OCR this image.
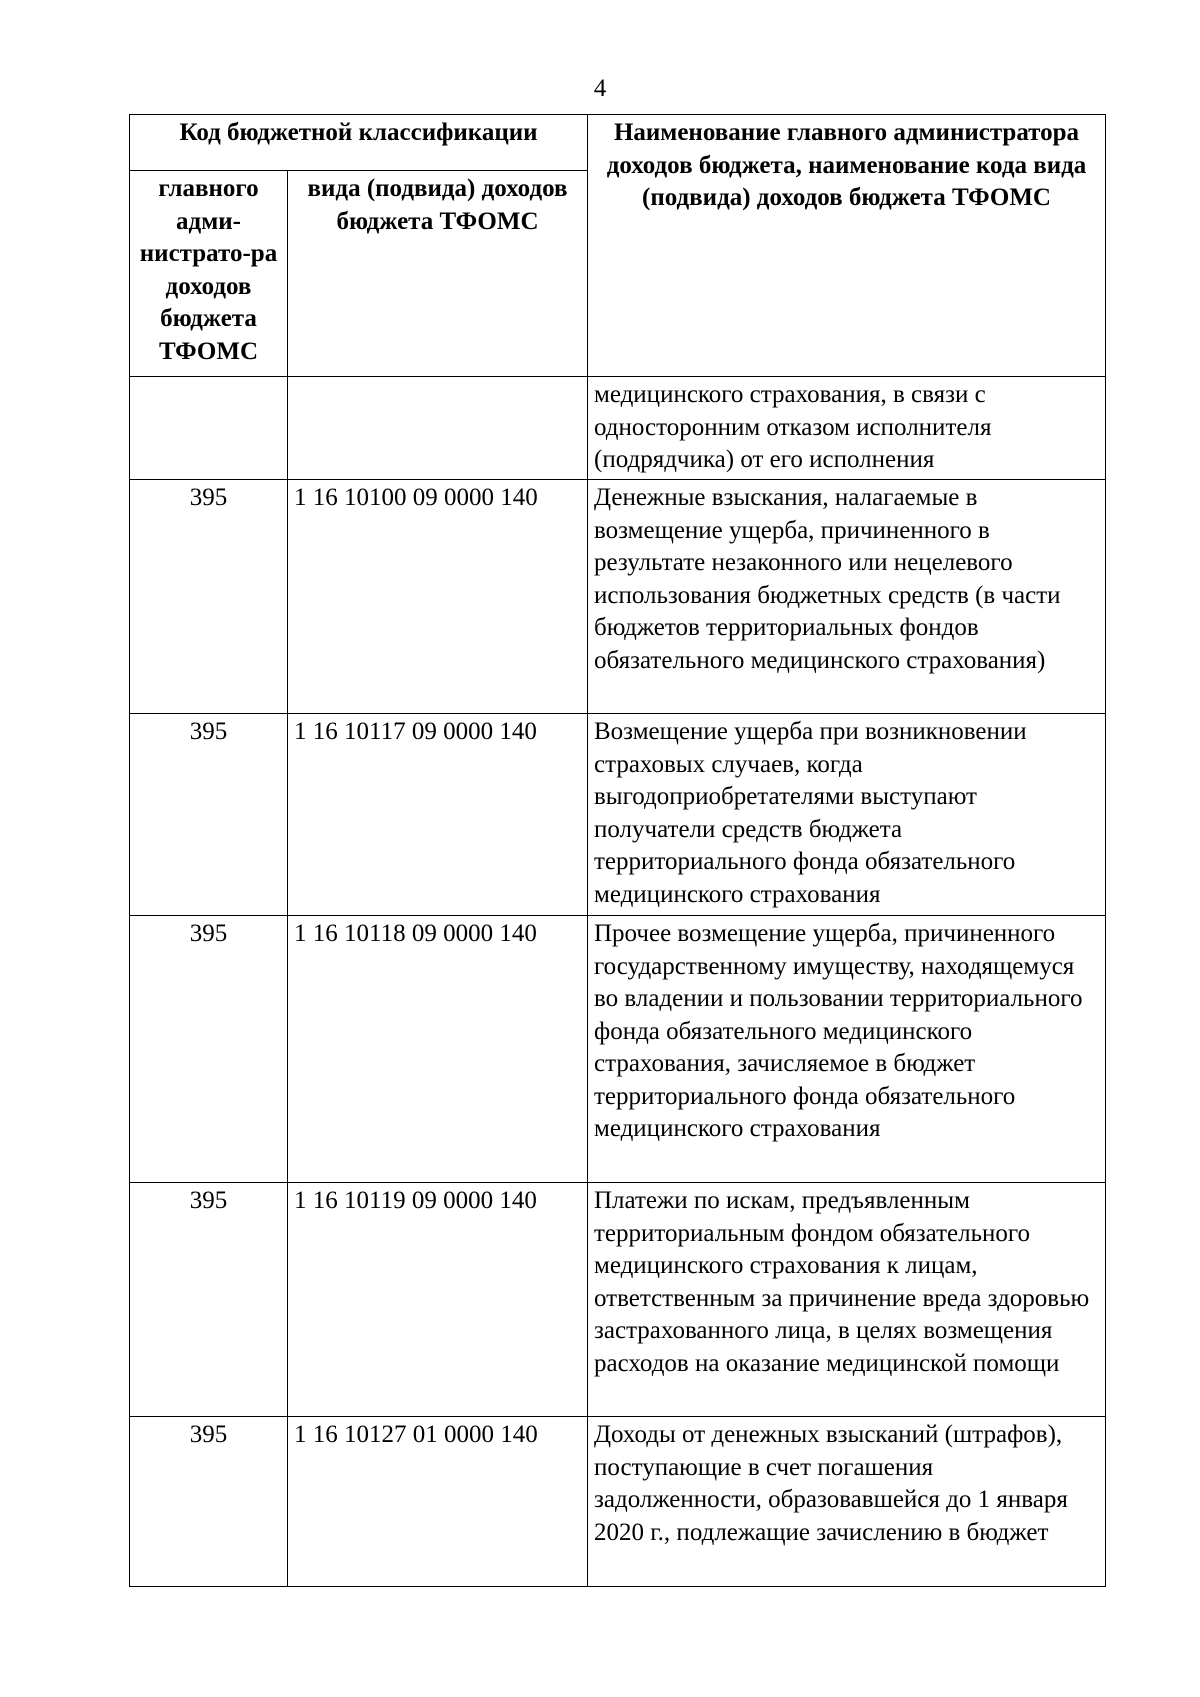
4
Код бюджетной классификации		Наименование главного администратора доходов бюджета, наименование кода вида (подвида) доходов бюджета ТФОМС
главного адми-нистрато-ра доходов бюджета ТФОМС	вида (подвида) доходов бюджета ТФОМС	
		медицинского страхования, в связи с односторонним отказом исполнителя (подрядчика) от его исполнения
395	1 16 10100 09 0000 140	Денежные взыскания, налагаемые в возмещение ущерба, причиненного в результате незаконного или нецелевого использования бюджетных средств (в части бюджетов территориальных фондов обязательного медицинского страхования)
395	1 16 10117 09 0000 140	Возмещение ущерба при возникновении страховых случаев, когда выгодоприобретателями выступают получатели средств бюджета территориального фонда обязательного медицинского страхования
395	1 16 10118 09 0000 140	Прочее возмещение ущерба, причиненного государственному имуществу, находящемуся во владении и пользовании территориального фонда обязательного медицинского страхования, зачисляемое в бюджет территориального фонда обязательного медицинского страхования
395	1 16 10119 09 0000 140	Платежи по искам, предъявленным территориальным фондом обязательного медицинского страхования к лицам, ответственным за причинение вреда здоровью застрахованного лица, в целях возмещения расходов на оказание медицинской помощи
395	1 16 10127 01 0000 140	Доходы от денежных взысканий (штрафов), поступающие в счет погашения задолженности, образовавшейся до 1 января 2020 г., подлежащие зачислению в бюджет
